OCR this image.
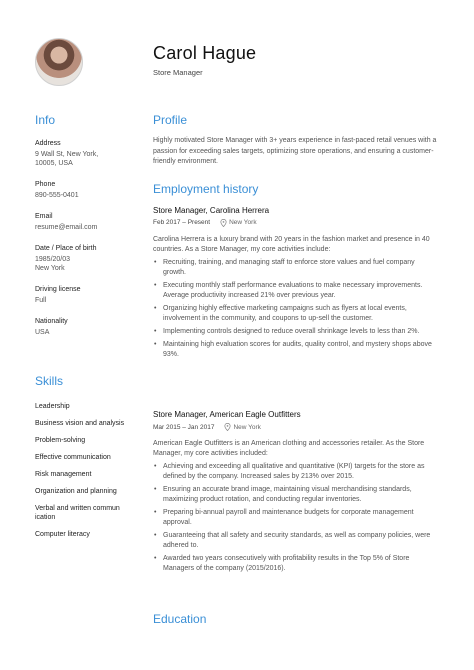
Carol Hague
Store Manager
Info
Address
9 Wall St, New York,
10005, USA
Phone
890-555-0401
Email
resume@email.com
Date / Place of birth
1985/20/03
New York
Driving license
Full
Nationality
USA
Skills
Leadership
Business vision and analysis
Problem-solving
Effective communication
Risk management
Organization and planning
Verbal and written commun ication
Computer literacy
Profile
Highly motivated Store Manager with 3+ years experience in fast-paced retail venues with a passion for exceeding sales targets, optimizing store operations, and ensuring a customer-friendly environment.
Employment history
Store Manager, Carolina Herrera
Feb 2017 – Present	New York
Carolina Herrera is a luxury brand with 20 years in the fashion market and presence in 40 countries. As a Store Manager, my core activities include:
• Recruiting, training, and managing staff to enforce store values and fuel company growth.
• Executing monthly staff performance evaluations to make necessary improvements. Average productivity increased 21% over previous year.
• Organizing highly effective marketing campaigns such as flyers at local events, involvement in the community, and coupons to up-sell the customer.
• Implementing controls designed to reduce overall shrinkage levels to less than 2%.
• Maintaining high evaluation scores for audits, quality control, and mystery shops above 93%.
Store Manager, American Eagle Outfitters
Mar 2015 – Jan 2017	New York
American Eagle Outfitters is an American clothing and accessories retailer. As the Store Manager, my core activities included:
• Achieving and exceeding all qualitative and quantitative (KPI) targets for the store as defined by the company. Increased sales by 213% over 2015.
• Ensuring an accurate brand image, maintaining visual merchandising standards, maximizing product rotation, and conducting regular inventories.
• Preparing bi-annual payroll and maintenance budgets for corporate management approval.
• Guaranteeing that all safety and security standards, as well as company policies, were adhered to.
• Awarded two years consecutively with profitability results in the Top 5% of Store Managers of the company (2015/2016).
Education
